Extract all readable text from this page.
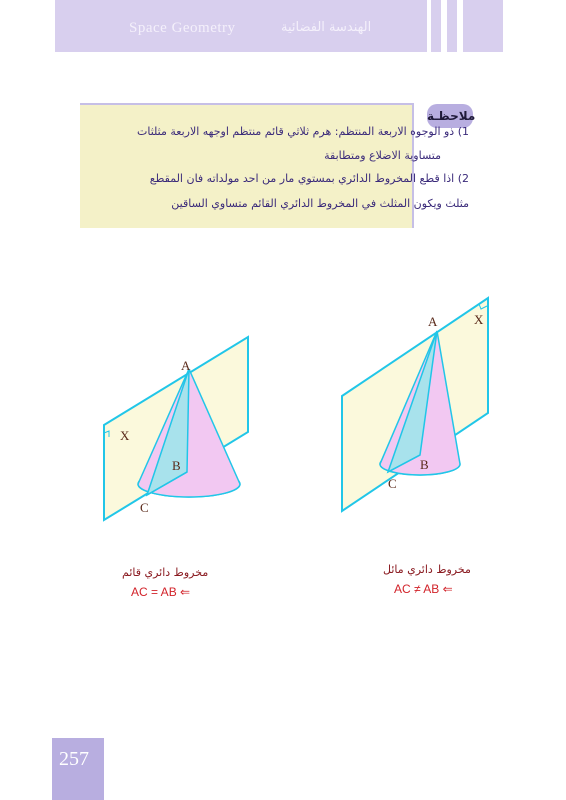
Space Geometry	الهندسة الفضائية
ملاحظـة
1) ذو الوجوه الاربعة المنتظم: هرم ثلاثي قائم منتظم اوجهه الاربعة مثلثات
متساوية الاضلاع ومتطابقة
2) اذا قطع المخروط الدائري بمستوي مار من احد مولداته فان المقطع
مثلث ويكون المثلث في المخروط الدائري القائم متساوي الساقين
A
B
C
X
A
B
C
X
مخروط دائري قائم
AC = AB ⇐
مخروط دائري مائل
AC ≠ AB ⇐
257
